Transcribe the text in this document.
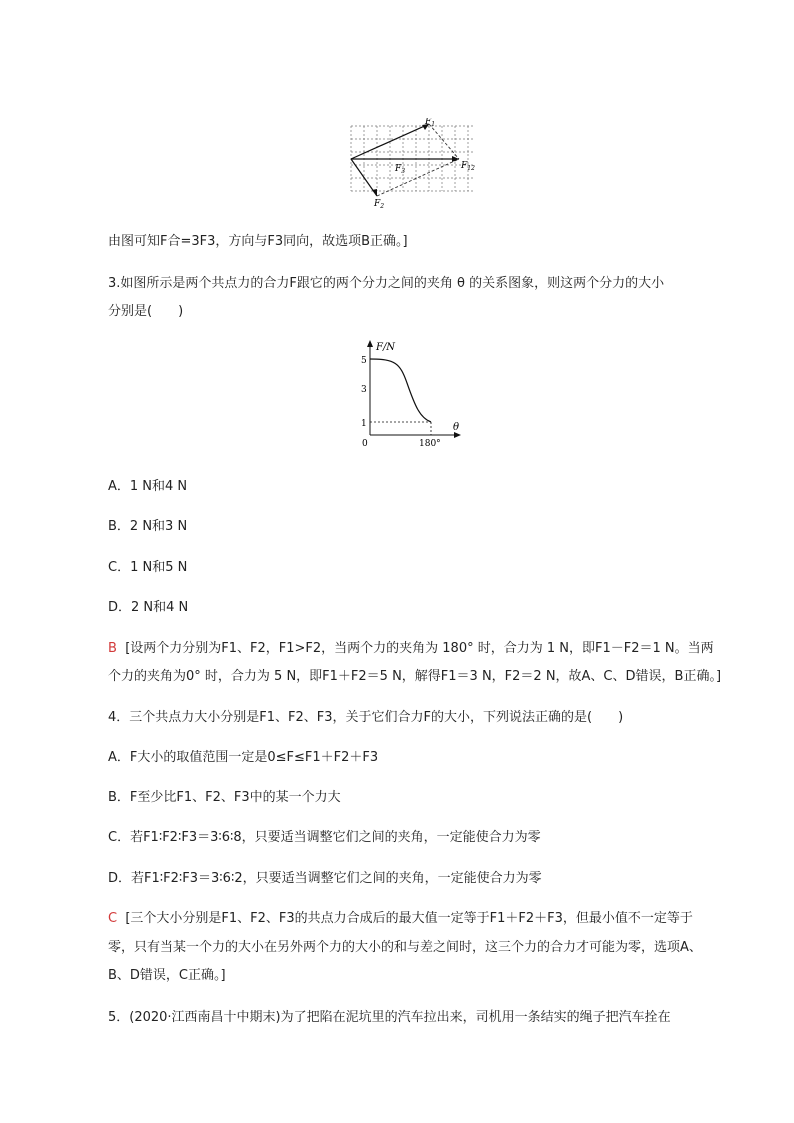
$F_1$
$F_{12}$
$F_3$
$F_2$
由图可知F合=3F3，方向与F3同向，故选项B正确。]
3.如图所示是两个共点力的合力F跟它的两个分力之间的夹角 θ 的关系图象，则这两个分力的大小
分别是(　　)
F/N
θ
5
3
1
0	180°
A．1 N和4 N
B．2 N和3 N
C．1 N和5 N
D．2 N和4 N
B [设两个力分别为F1、F2，F1>F2，当两个力的夹角为 180° 时，合力为 1 N，即F1－F2＝1 N。当两
个力的夹角为0° 时，合力为 5 N，即F1＋F2＝5 N，解得F1＝3 N，F2＝2 N，故A、C、D错误，B正确。]
4．三个共点力大小分别是F1、F2、F3，关于它们合力F的大小，下列说法正确的是(　　)
A．F大小的取值范围一定是0≤F≤F1＋F2＋F3
B．F至少比F1、F2、F3中的某一个力大
C．若F1∶F2∶F3＝3∶6∶8，只要适当调整它们之间的夹角，一定能使合力为零
D．若F1∶F2∶F3＝3∶6∶2，只要适当调整它们之间的夹角，一定能使合力为零
C [三个大小分别是F1、F2、F3的共点力合成后的最大值一定等于F1＋F2＋F3，但最小值不一定等于
零，只有当某一个力的大小在另外两个力的大小的和与差之间时，这三个力的合力才可能为零，选项A、
B、D错误，C正确。]
5．(2020·江西南昌十中期末)为了把陷在泥坑里的汽车拉出来，司机用一条结实的绳子把汽车拴在
